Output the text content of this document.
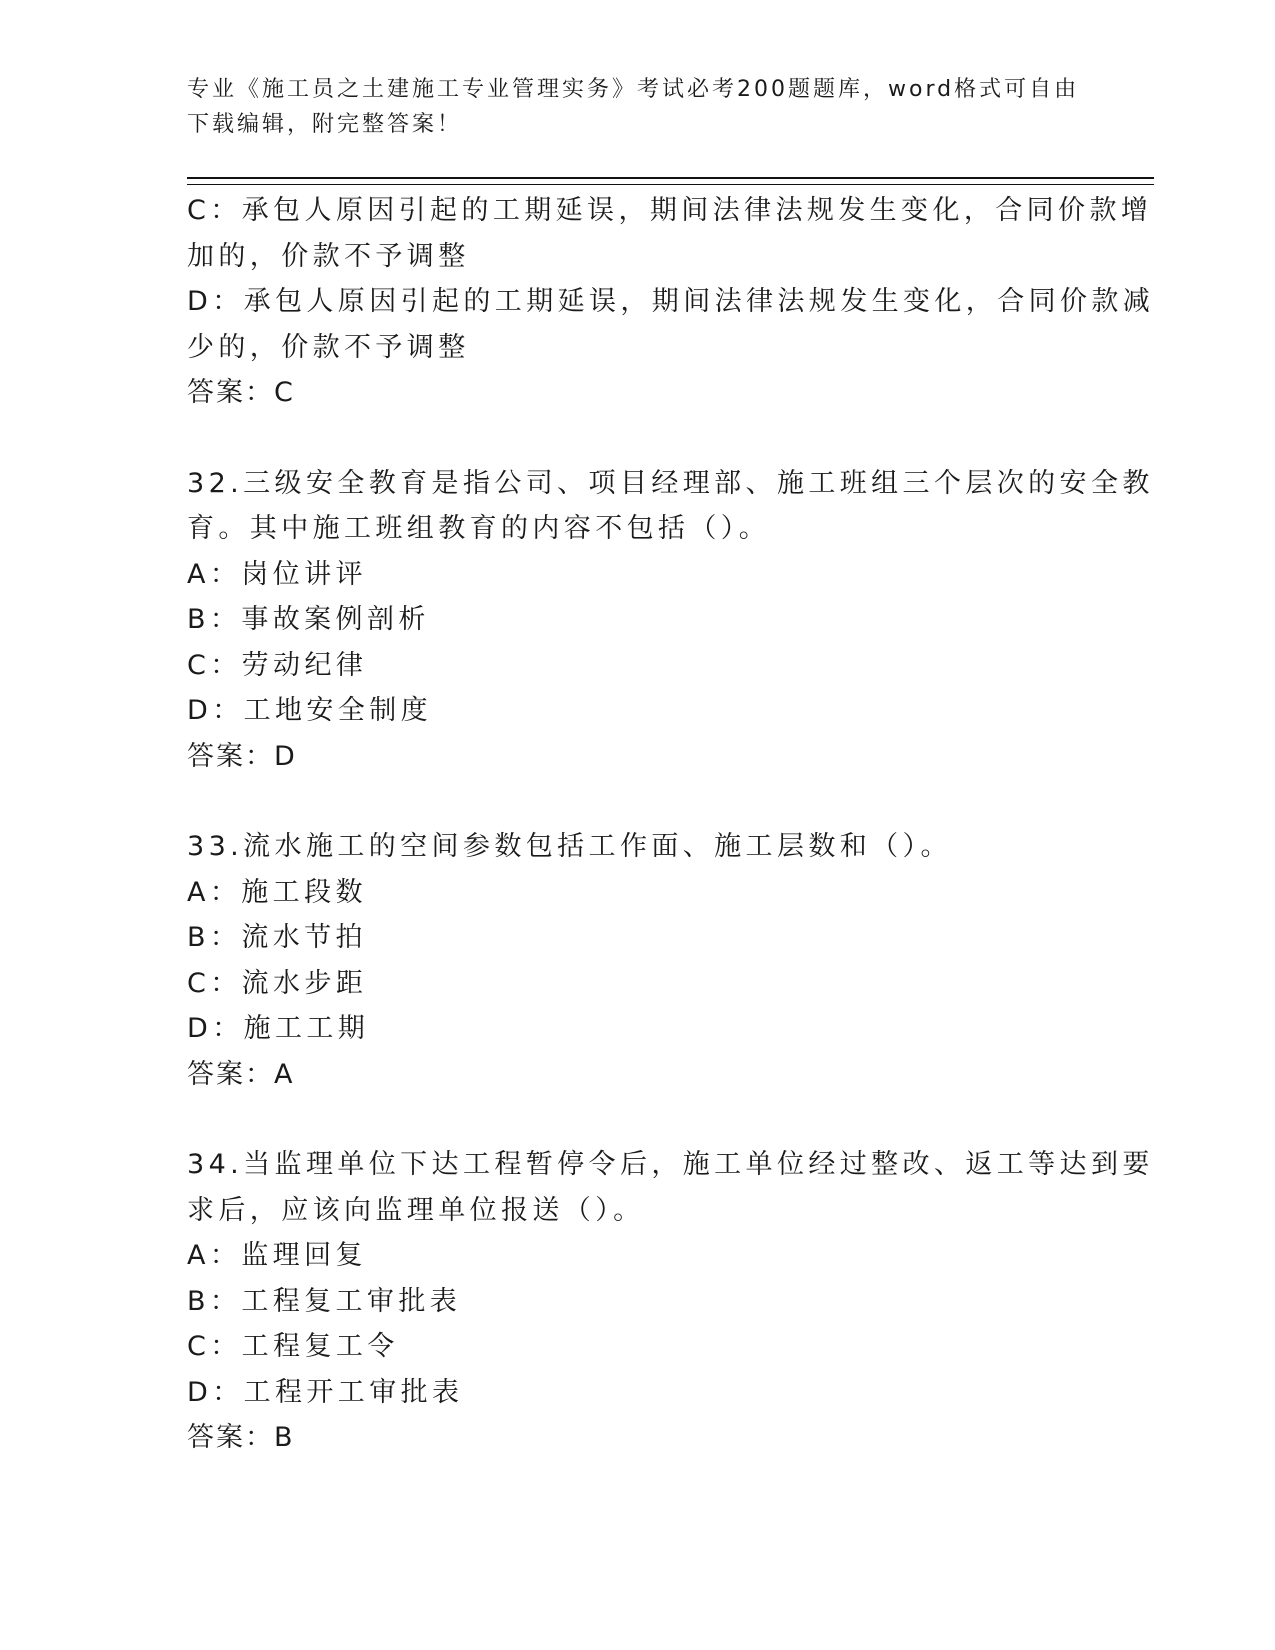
专业《施工员之土建施工专业管理实务》考试必考200题题库，word格式可自由
下载编辑，附完整答案！
C：承包人原因引起的工期延误，期间法律法规发生变化，合同价款增
加的，价款不予调整
D：承包人原因引起的工期延误，期间法律法规发生变化，合同价款减
少的，价款不予调整
答案：C
32.三级安全教育是指公司、项目经理部、施工班组三个层次的安全教
育。其中施工班组教育的内容不包括（）。
A：岗位讲评
B：事故案例剖析
C：劳动纪律
D：工地安全制度
答案：D
33.流水施工的空间参数包括工作面、施工层数和（）。
A：施工段数
B：流水节拍
C：流水步距
D：施工工期
答案：A
34.当监理单位下达工程暂停令后，施工单位经过整改、返工等达到要
求后，应该向监理单位报送（）。
A：监理回复
B：工程复工审批表
C：工程复工令
D：工程开工审批表
答案：B
